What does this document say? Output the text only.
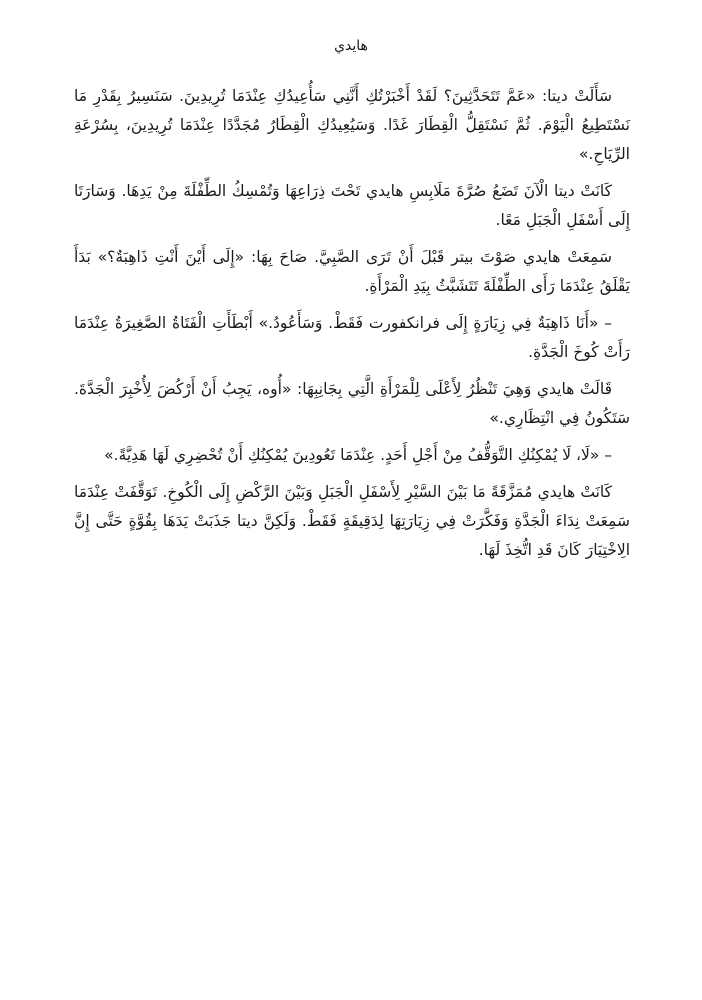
هايدي

سَأَلَتْ ديتا: «عَمَّ تَتَحَدَّثِينَ؟ لَقَدْ أَخْبَرْتُكِ أَنَّنِي سَأُعِيدُكِ عِنْدَمَا تُرِيدِينَ. سَنَسِيرُ بِقَدْرِ مَا نَسْتَطِيعُ الْيَوْمَ. ثُمَّ نَسْتَقِلُّ الْقِطَارَ غَدًا. وَسَيُعِيدُكِ الْقِطَارُ مُجَدَّدًا عِنْدَمَا تُرِيدِينَ، بِسُرْعَةِ الرِّيَاحِ.»

كَانَتْ ديتا الْآنَ تَضَعُ صُرَّةَ مَلَابِسِ هايدي تَحْتَ ذِرَاعِهَا وَتُمْسِكُ الطِّفْلَةَ مِنْ يَدِهَا. وَسَارَتَا إِلَى أَسْفَلِ الْجَبَلِ مَعًا.

سَمِعَتْ هايدي صَوْتَ بيتر قَبْلَ أَنْ تَرَى الصَّبِيَّ. صَاحَ بِهَا: «إِلَى أَيْنَ أَنْتِ ذَاهِبَةٌ؟» بَدَأَ يَقْلَقُ عِنْدَمَا رَأَى الطِّفْلَةَ تَتَشَبَّثُ بِيَدِ الْمَرْأَةِ.

– «أَنَا ذَاهِبَةٌ فِي زِيَارَةٍ إِلَى فرانكفورت فَقَطْ. وَسَأَعُودُ.» أَبْطَأَتِ الْفَتَاةُ الصَّغِيرَةُ عِنْدَمَا رَأَتْ كُوخَ الْجَدَّةِ.

قَالَتْ هايدي وَهِيَ تَنْظُرُ لِأَعْلَى لِلْمَرْأَةِ الَّتِي بِجَانِبِهَا: «أُوه، يَجِبُ أَنْ أَرْكُضَ لِأُخْبِرَ الْجَدَّةَ. سَتَكُونُ فِي انْتِظَارِي.»

– «لَا، لَا يُمْكِنُكِ التَّوَقُّفُ مِنْ أَجْلِ أَحَدٍ. عِنْدَمَا تَعُودِينَ يُمْكِنُكِ أَنْ تُحْضِرِي لَهَا هَدِيَّةً.»

كَانَتْ هايدي مُمَزَّقَةً مَا بَيْنَ السَّيْرِ لِأَسْفَلِ الْجَبَلِ وَبَيْنَ الرَّكْضِ إِلَى الْكُوخِ. تَوَقَّفَتْ عِنْدَمَا سَمِعَتْ نِدَاءَ الْجَدَّةِ وَفَكَّرَتْ فِي زِيَارَتِهَا لِدَقِيقَةٍ فَقَطْ. وَلَكِنَّ ديتا جَذَبَتْ يَدَهَا بِقُوَّةٍ حَتَّى إِنَّ الِاخْتِيَارَ كَانَ قَدِ اتُّخِذَ لَهَا.
